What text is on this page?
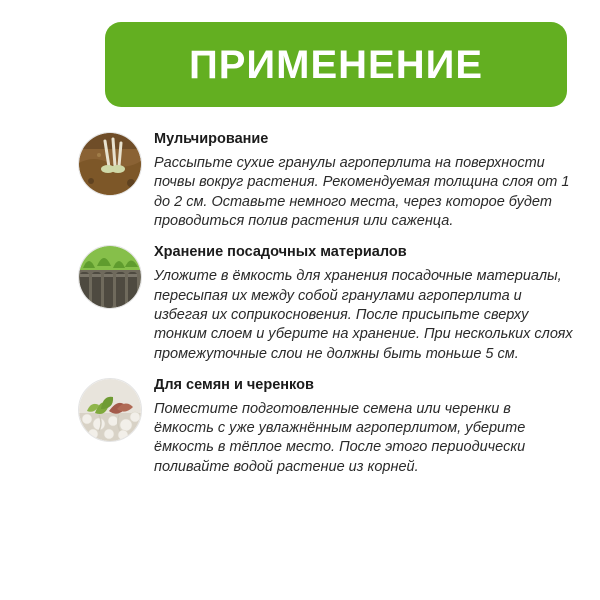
ПРИМЕНЕНИЕ
Мульчирование
Рассыпьте сухие гранулы агроперлита на поверхности почвы вокруг растения. Рекомендуемая толщина слоя от 1 до 2 см. Оставьте немного места, через которое будет проводиться полив растения или саженца.
Хранение посадочных материалов
Уложите в ёмкость для хранения посадочные материалы, пересыпая их между собой гранулами агроперлита и избегая их соприкосновения. После присыпьте сверху тонким слоем и уберите на хранение. При нескольких слоях промежуточные слои не должны быть тоньше 5 см.
Для семян и черенков
Поместите подготовленные семена или черенки в ёмкость с уже увлажнённым агроперлитом, уберите ёмкость в тёплое место. После этого периодически поливайте водой растение из корней.
